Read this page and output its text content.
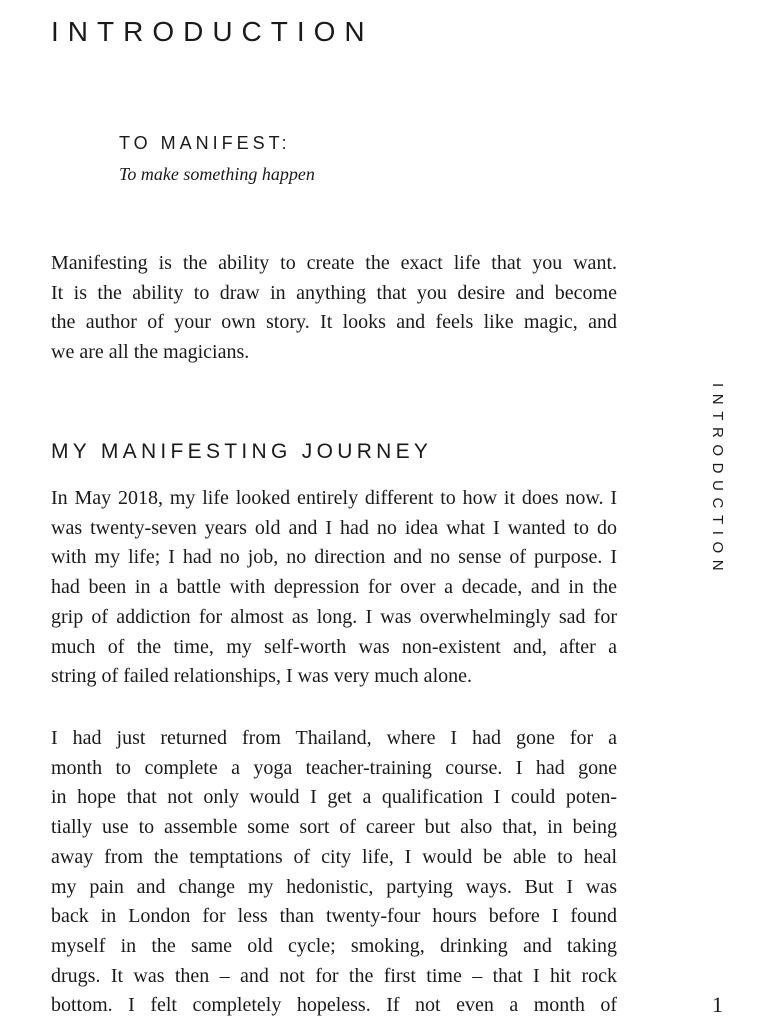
INTRODUCTION
TO MANIFEST:
To make something happen

Manifesting is the ability to create the exact life that you want.
It is the ability to draw in anything that you desire and become
the author of your own story. It looks and feels like magic, and
we are all the magicians.

MY MANIFESTING JOURNEY

In May 2018, my life looked entirely different to how it does now. I
was twenty-seven years old and I had no idea what I wanted to do
with my life; I had no job, no direction and no sense of purpose. I
had been in a battle with depression for over a decade, and in the
grip of addiction for almost as long. I was overwhelmingly sad for
much of the time, my self-worth was non-existent and, after a
string of failed relationships, I was very much alone.

I had just returned from Thailand, where I had gone for a
month to complete a yoga teacher-training course. I had gone
in hope that not only would I get a qualification I could poten-
tially use to assemble some sort of career but also that, in being
away from the temptations of city life, I would be able to heal
my pain and change my hedonistic, partying ways. But I was
back in London for less than twenty-four hours before I found
myself in the same old cycle; smoking, drinking and taking
drugs. It was then – and not for the first time – that I hit rock
bottom. I felt completely hopeless. If not even a month of

INTRODUCTION
1
